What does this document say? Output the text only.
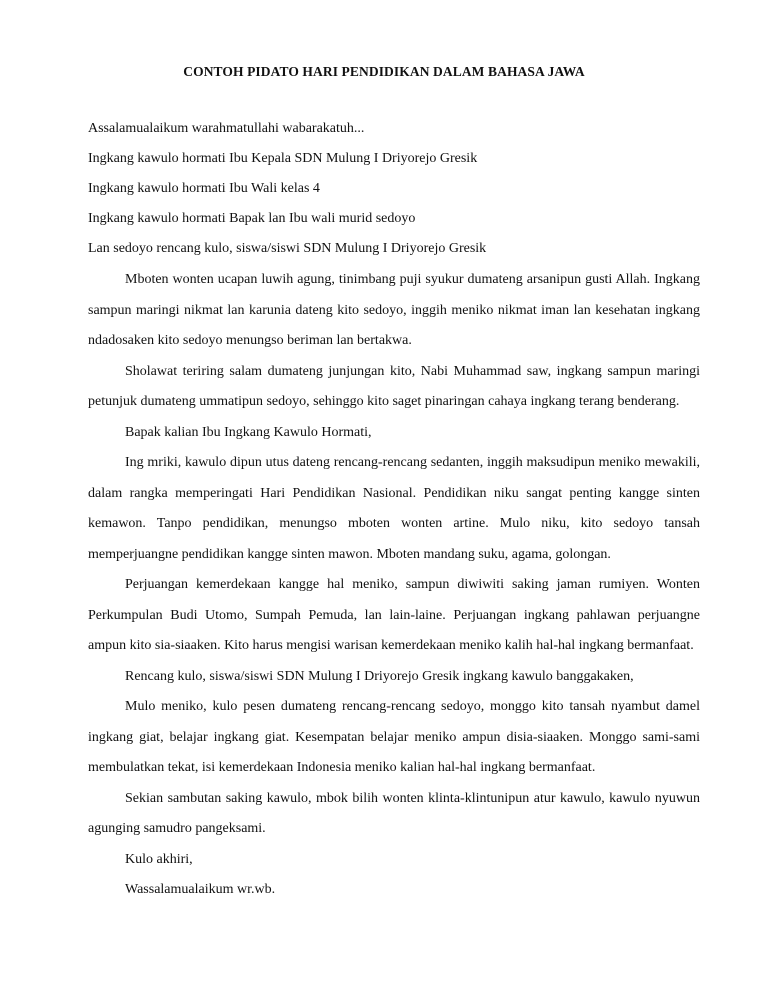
CONTOH PIDATO HARI PENDIDIKAN DALAM BAHASA JAWA
Assalamualaikum warahmatullahi wabarakatuh...
Ingkang kawulo hormati Ibu Kepala SDN Mulung I Driyorejo Gresik
Ingkang kawulo hormati Ibu Wali kelas 4
Ingkang kawulo hormati Bapak lan Ibu wali murid sedoyo
Lan sedoyo rencang kulo, siswa/siswi SDN Mulung I Driyorejo Gresik

Mboten wonten ucapan luwih agung, tinimbang puji syukur dumateng arsanipun gusti Allah. Ingkang sampun maringi nikmat lan karunia dateng kito sedoyo, inggih meniko nikmat iman lan kesehatan ingkang ndadosaken kito sedoyo menungso beriman lan bertakwa.

Sholawat teriring salam dumateng junjungan kito, Nabi Muhammad saw, ingkang sampun maringi petunjuk dumateng ummatipun sedoyo, sehinggo kito saget pinaringan cahaya ingkang terang benderang.

Bapak kalian Ibu Ingkang Kawulo Hormati,

Ing mriki, kawulo dipun utus dateng rencang-rencang sedanten, inggih maksudipun meniko mewakili, dalam rangka memperingati Hari Pendidikan Nasional. Pendidikan niku sangat penting kangge sinten kemawon. Tanpo pendidikan, menungso mboten wonten artine. Mulo niku, kito sedoyo tansah memperjuangne pendidikan kangge sinten mawon. Mboten mandang suku, agama, golongan.

Perjuangan kemerdekaan kangge hal meniko, sampun diwiwiti saking jaman rumiyen. Wonten Perkumpulan Budi Utomo, Sumpah Pemuda, lan lain-laine. Perjuangan ingkang pahlawan perjuangne ampun kito sia-siaaken. Kito harus mengisi warisan kemerdekaan meniko kalih hal-hal ingkang bermanfaat.

Rencang kulo, siswa/siswi SDN Mulung I Driyorejo Gresik ingkang kawulo banggakaken,

Mulo meniko, kulo pesen dumateng rencang-rencang sedoyo, monggo kito tansah nyambut damel ingkang giat, belajar ingkang giat. Kesempatan belajar meniko ampun disia-siaaken. Monggo sami-sami membulatkan tekat, isi kemerdekaan Indonesia meniko kalian hal-hal ingkang bermanfaat.

Sekian sambutan saking kawulo, mbok bilih wonten klinta-klintunipun atur kawulo, kawulo nyuwun agunging samudro pangeksami.

Kulo akhiri,

Wassalamualaikum wr.wb.
